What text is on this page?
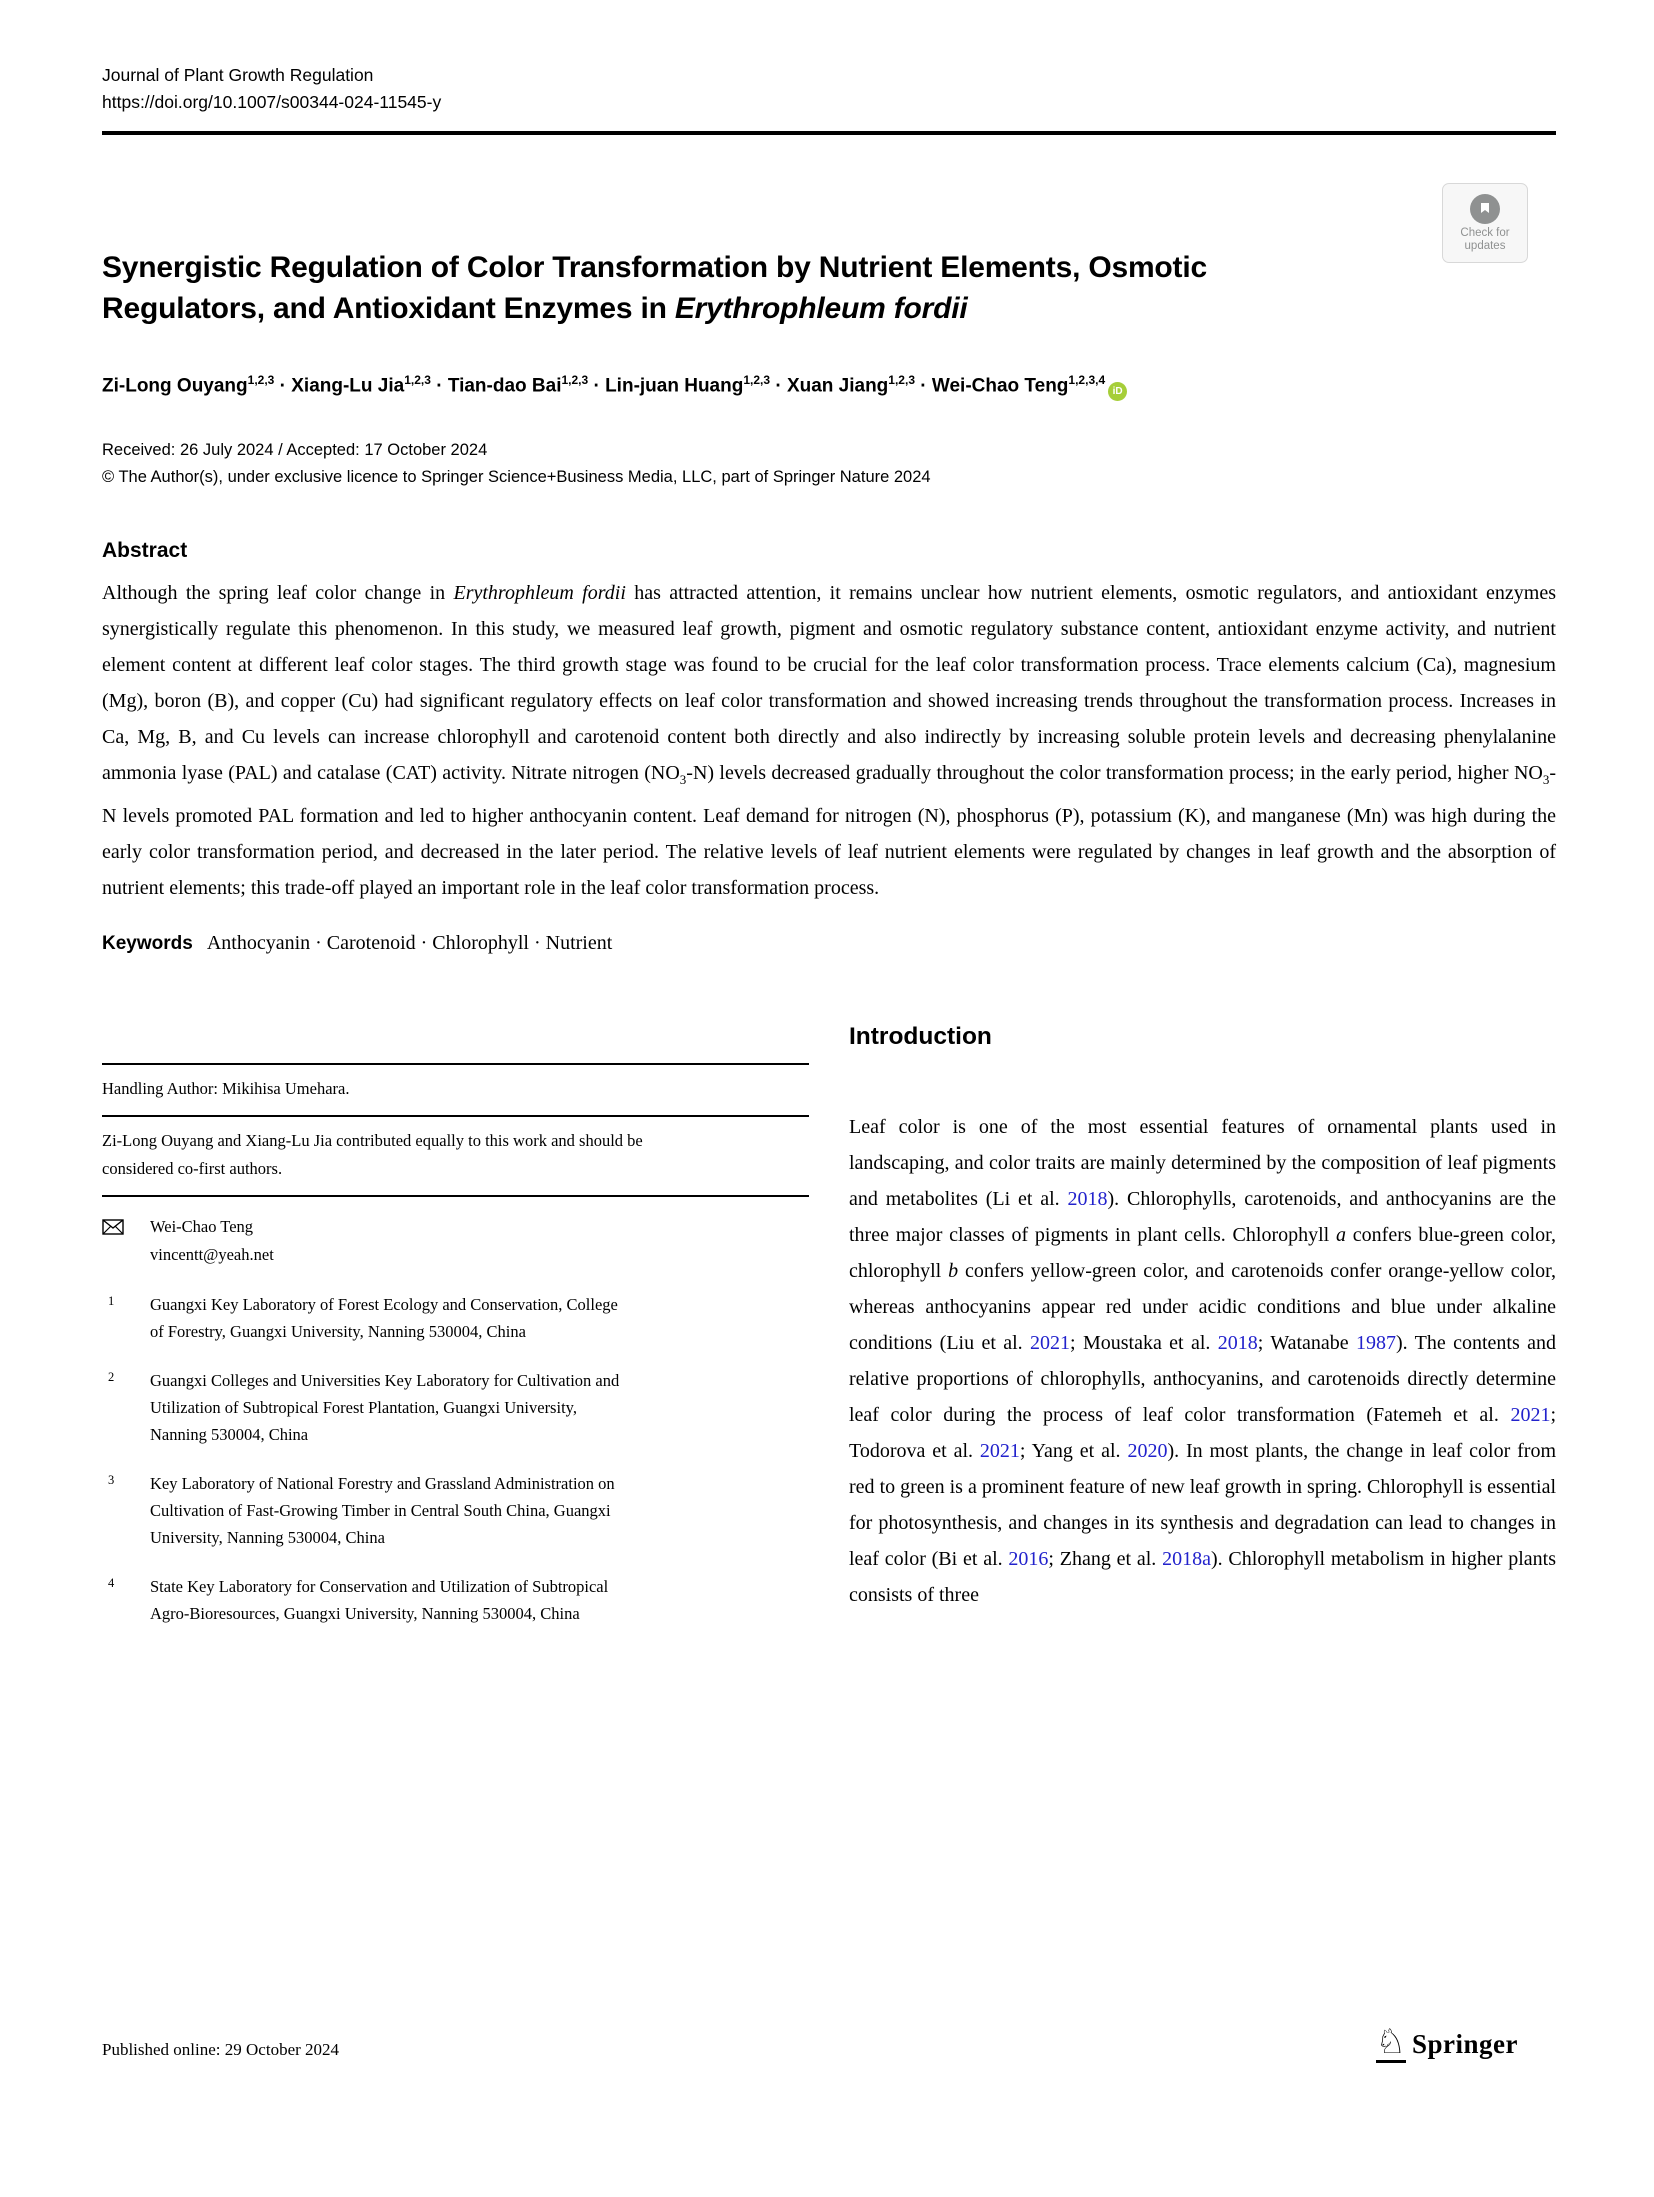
Journal of Plant Growth Regulation
https://doi.org/10.1007/s00344-024-11545-y
Check for
updates
Synergistic Regulation of Color Transformation by Nutrient Elements, Osmotic Regulators, and Antioxidant Enzymes in Erythrophleum fordii
Zi-Long Ouyang$^{1,2,3}$ · Xiang-Lu Jia$^{1,2,3}$ · Tian-dao Bai$^{1,2,3}$ · Lin-juan Huang$^{1,2,3}$ · Xuan Jiang$^{1,2,3}$ · Wei-Chao Teng$^{1,2,3,4}$iD
Received: 26 July 2024 / Accepted: 17 October 2024
© The Author(s), under exclusive licence to Springer Science+Business Media, LLC, part of Springer Nature 2024
Abstract
Although the spring leaf color change in Erythrophleum fordii has attracted attention, it remains unclear how nutrient elements, osmotic regulators, and antioxidant enzymes synergistically regulate this phenomenon. In this study, we measured leaf growth, pigment and osmotic regulatory substance content, antioxidant enzyme activity, and nutrient element content at different leaf color stages. The third growth stage was found to be crucial for the leaf color transformation process. Trace elements calcium (Ca), magnesium (Mg), boron (B), and copper (Cu) had significant regulatory effects on leaf color transformation and showed increasing trends throughout the transformation process. Increases in Ca, Mg, B, and Cu levels can increase chlorophyll and carotenoid content both directly and also indirectly by increasing soluble protein levels and decreasing phenylalanine ammonia lyase (PAL) and catalase (CAT) activity. Nitrate nitrogen $(NO_3-N)$ levels decreased gradually throughout the color transformation process; in the early period, higher $NO_3-N$ levels promoted PAL formation and led to higher anthocyanin content. Leaf demand for nitrogen (N), phosphorus (P), potassium (K), and manganese (Mn) was high during the early color transformation period, and decreased in the later period. The relative levels of leaf nutrient elements were regulated by changes in leaf growth and the absorption of nutrient elements; this trade-off played an important role in the leaf color transformation process.
Keywords Anthocyanin · Carotenoid · Chlorophyll · Nutrient
Handling Author: Mikihisa Umehara.
Zi-Long Ouyang and Xiang-Lu Jia contributed equally to this work and should be considered co-first authors.
Wei-Chao Teng
vincentt@yeah.net
1	Guangxi Key Laboratory of Forest Ecology and Conservation, College of Forestry, Guangxi University, Nanning 530004, China
2	Guangxi Colleges and Universities Key Laboratory for Cultivation and Utilization of Subtropical Forest Plantation, Guangxi University, Nanning 530004, China
3	Key Laboratory of National Forestry and Grassland Administration on Cultivation of Fast-Growing Timber in Central South China, Guangxi University, Nanning 530004, China
4	State Key Laboratory for Conservation and Utilization of Subtropical Agro-Bioresources, Guangxi University, Nanning 530004, China
Introduction
Leaf color is one of the most essential features of ornamental plants used in landscaping, and color traits are mainly determined by the composition of leaf pigments and metabolites (Li et al. 2018). Chlorophylls, carotenoids, and anthocyanins are the three major classes of pigments in plant cells. Chlorophyll a confers blue-green color, chlorophyll b confers yellow-green color, and carotenoids confer orange-yellow color, whereas anthocyanins appear red under acidic conditions and blue under alkaline conditions (Liu et al. 2021; Moustaka et al. 2018; Watanabe 1987). The contents and relative proportions of chlorophylls, anthocyanins, and carotenoids directly determine leaf color during the process of leaf color transformation (Fatemeh et al. 2021; Todorova et al. 2021; Yang et al. 2020). In most plants, the change in leaf color from red to green is a prominent feature of new leaf growth in spring. Chlorophyll is essential for photosynthesis, and changes in its synthesis and degradation can lead to changes in leaf color (Bi et al. 2016; Zhang et al. 2018a). Chlorophyll metabolism in higher plants consists of three
Published online: 29 October 2024	♘ Springer
